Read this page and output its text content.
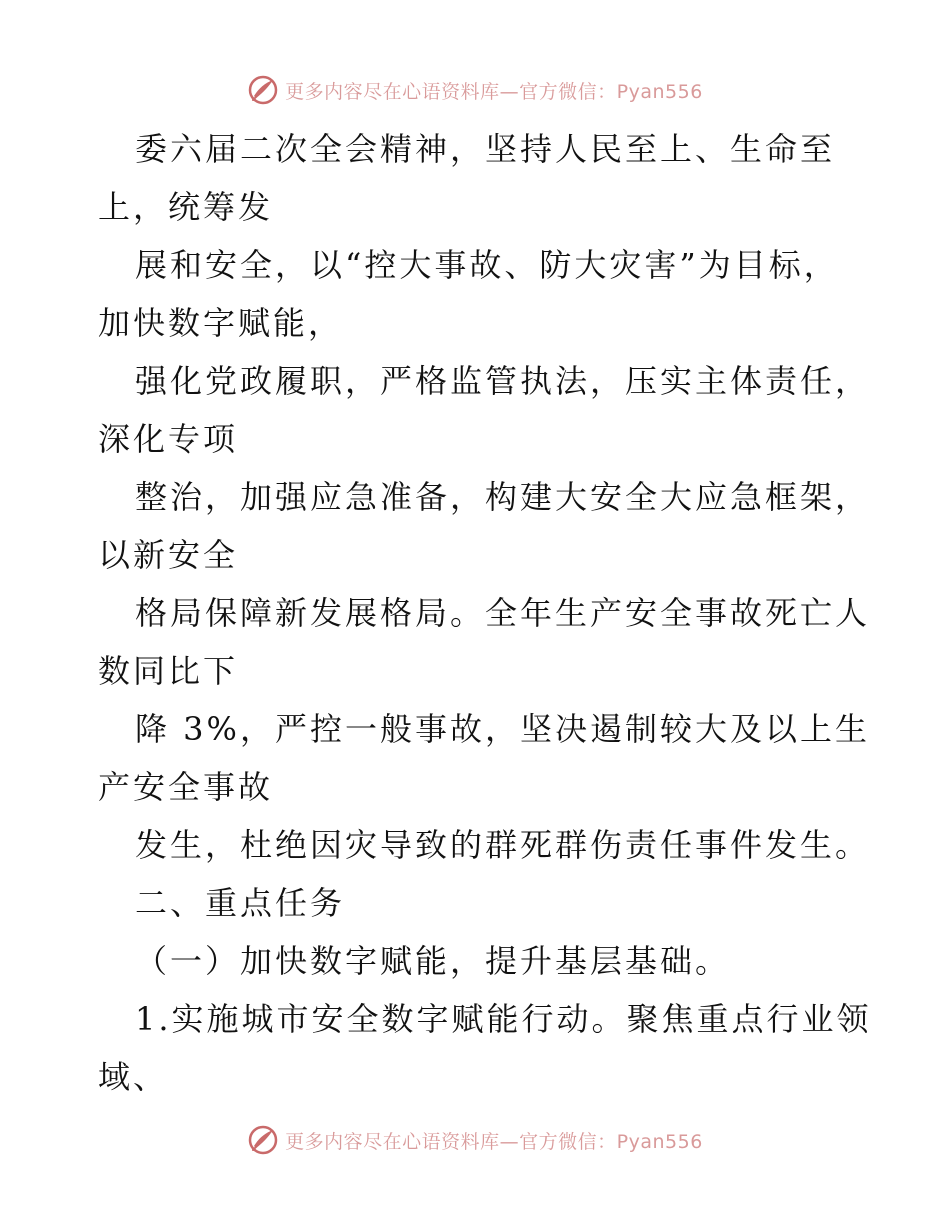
更多内容尽在心语资料库—官方微信：Pyan556
委六届二次全会精神，坚持人民至上、生命至
上，统筹发
展和安全，以“控大事故、防大灾害”为目标，
加快数字赋能，
强化党政履职，严格监管执法，压实主体责任，
深化专项
整治，加强应急准备，构建大安全大应急框架，
以新安全
格局保障新发展格局。全年生产安全事故死亡人
数同比下
降 3%，严控一般事故，坚决遏制较大及以上生
产安全事故
发生，杜绝因灾导致的群死群伤责任事件发生。
二、重点任务
（一）加快数字赋能，提升基层基础。
1.实施城市安全数字赋能行动。聚焦重点行业领
域、
更多内容尽在心语资料库—官方微信：Pyan556
